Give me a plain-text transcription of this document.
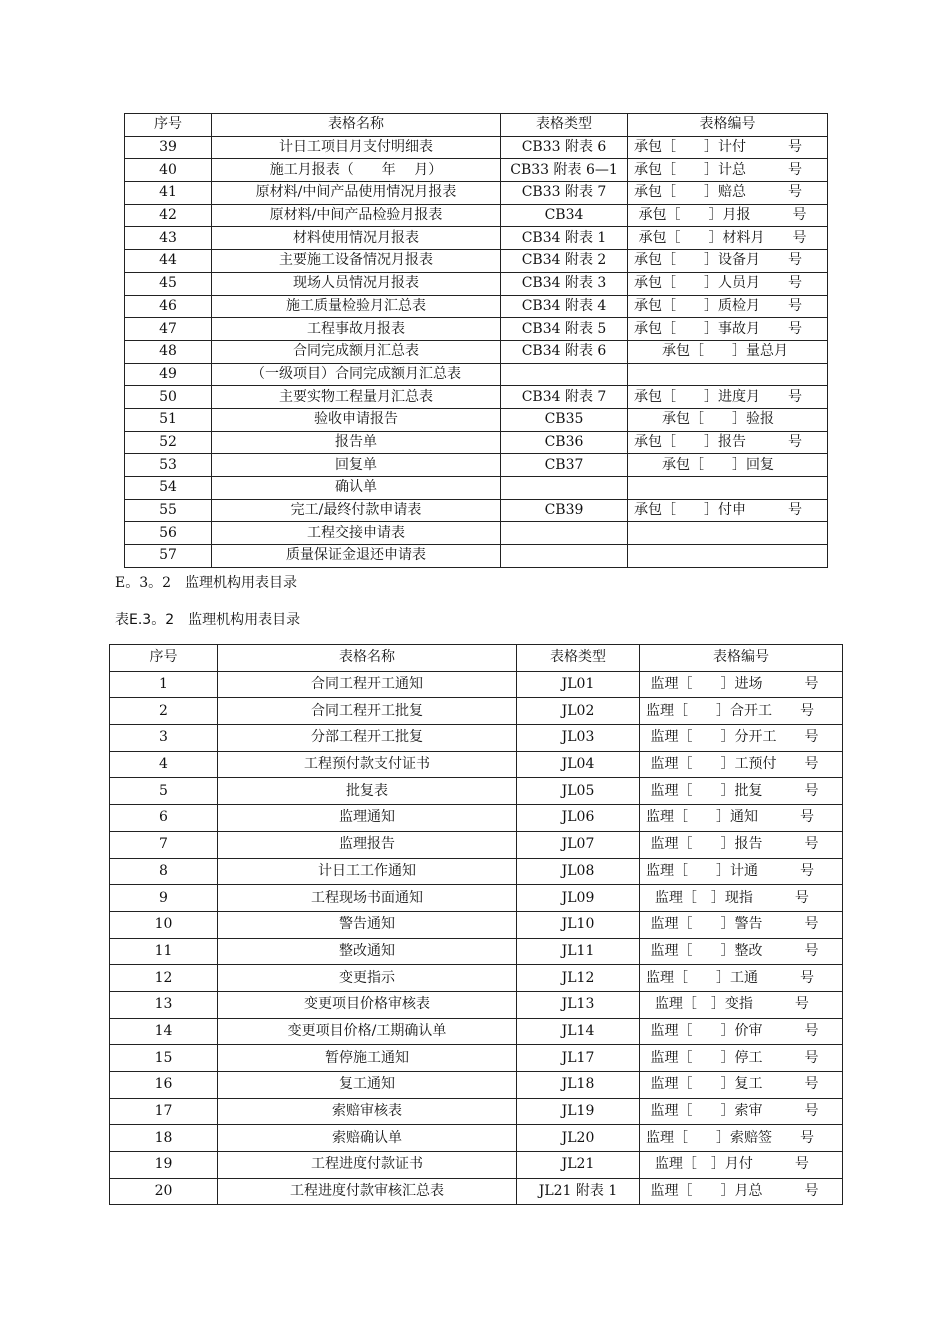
序号	表格名称	表格类型	表格编号
39	计日工项目月支付明细表	CB33 附表 6	承包［　　］计付　　　号
40	施工月报表（　　年　 月）	CB33 附表 6—1	承包［　　］计总　　　号
41	原材料/中间产品使用情况月报表	CB33 附表 7	承包［　　］赔总　　　号
42	原材料/中间产品检验月报表	CB34	承包［　　］月报　　　号
43	材料使用情况月报表	CB34 附表 1	承包［　　］材料月　　号
44	主要施工设备情况月报表	CB34 附表 2	承包［　　］设备月　　号
45	现场人员情况月报表	CB34 附表 3	承包［　　］人员月　　号
46	施工质量检验月汇总表	CB34 附表 4	承包［　　］质检月　　号
47	工程事故月报表	CB34 附表 5	承包［　　］事故月　　号
48	合同完成额月汇总表	CB34 附表 6	　　承包［　　］量总月
49	（一级项目）合同完成额月汇总表		
50	主要实物工程量月汇总表	CB34 附表 7	承包［　　］进度月　　号
51	验收申请报告	CB35	　　承包［　　］验报
52	报告单	CB36	承包［　　］报告　　　号
53	回复单	CB37	　　承包［　　］回复
54	确认单		
55	完工/最终付款申请表	CB39	承包［　　］付申　　　号
56	工程交接申请表		
57	质量保证金退还申请表		
E。3。2　监理机构用表目录
表E.3。2　监理机构用表目录
序号	表格名称	表格类型	表格编号
1	合同工程开工通知	JL01	监理［　　］进场　　　号
2	合同工程开工批复	JL02	监理［　　］合开工　　号
3	分部工程开工批复	JL03	监理［　　］分开工　　号
4	工程预付款支付证书	JL04	监理［　　］工预付　　号
5	批复表	JL05	监理［　　］批复　　　号
6	监理通知	JL06	监理［　　］通知　　　号
7	监理报告	JL07	监理［　　］报告　　　号
8	计日工工作通知	JL08	监理［　　］计通　　　号
9	工程现场书面通知	JL09	监理［　］现指　　　号
10	警告通知	JL10	监理［　　］警告　　　号
11	整改通知	JL11	监理［　　］整改　　　号
12	变更指示	JL12	监理［　　］工通　　　号
13	变更项目价格审核表	JL13	监理［　］变指　　　号
14	变更项目价格/工期确认单	JL14	监理［　　］价审　　　号
15	暂停施工通知	JL17	监理［　　］停工　　　号
16	复工通知	JL18	监理［　　］复工　　　号
17	索赔审核表	JL19	监理［　　］索审　　　号
18	索赔确认单	JL20	监理［　　］索赔签　　号
19	工程进度付款证书	JL21	监理［　］月付　　　号
20	工程进度付款审核汇总表	JL21 附表 1	监理［　　］月总　　　号
